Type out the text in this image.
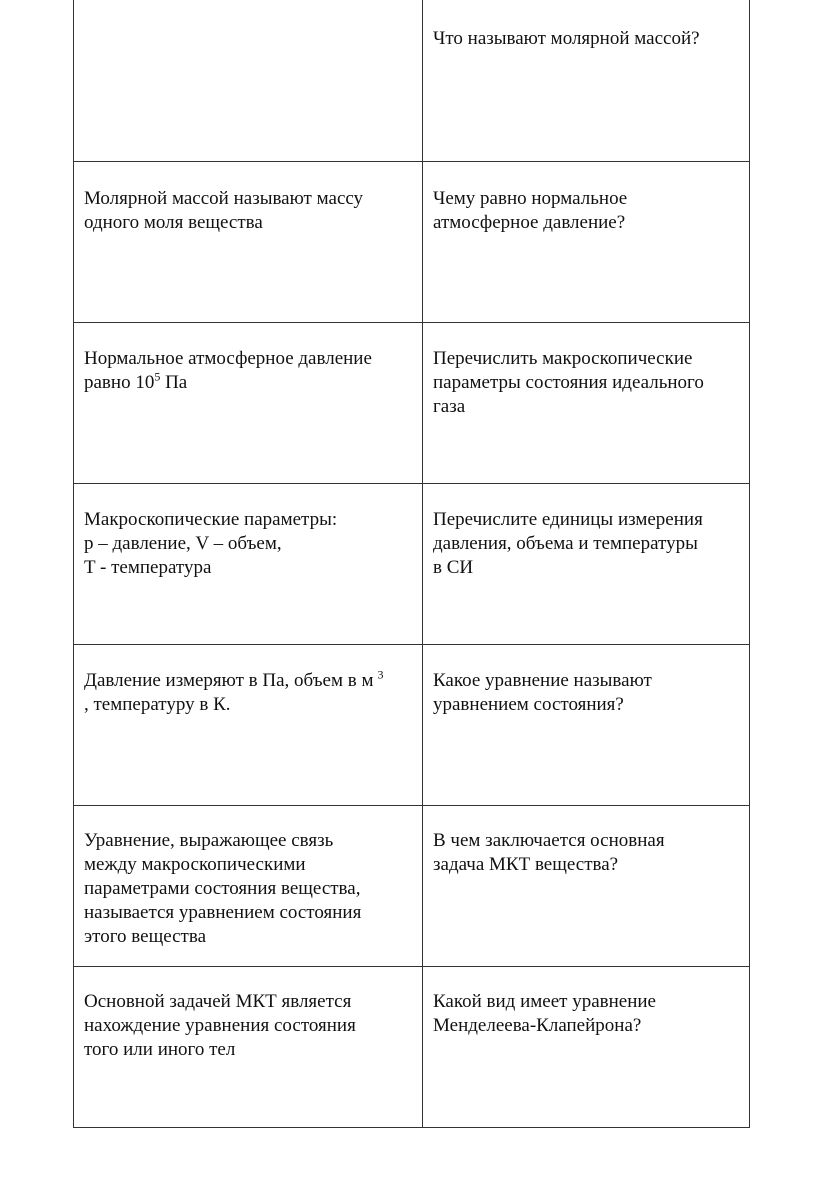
	Что называют молярной массой?

Молярной массой называют массу
одного моля вещества	Чему равно нормальное
атмосферное давление?

Нормальное атмосферное давление
равно $10^5$ Па	Перечислить макроскопические
параметры состояния идеального
газа

Макроскопические параметры:
p – давление, V – объем,
T - температура	Перечислите единицы измерения
давления, объема и температуры
в СИ

Давление измеряют в Па, объем в м $^3$
, температуру в К.	Какое уравнение называют
уравнением состояния?

Уравнение, выражающее связь
между макроскопическими
параметрами состояния вещества,
называется уравнением состояния
этого вещества	В чем заключается основная
задача МКТ вещества?

Основной задачей МКТ является
нахождение уравнения состояния
того или иного тел	Какой вид имеет уравнение
Менделеева-Клапейрона?
